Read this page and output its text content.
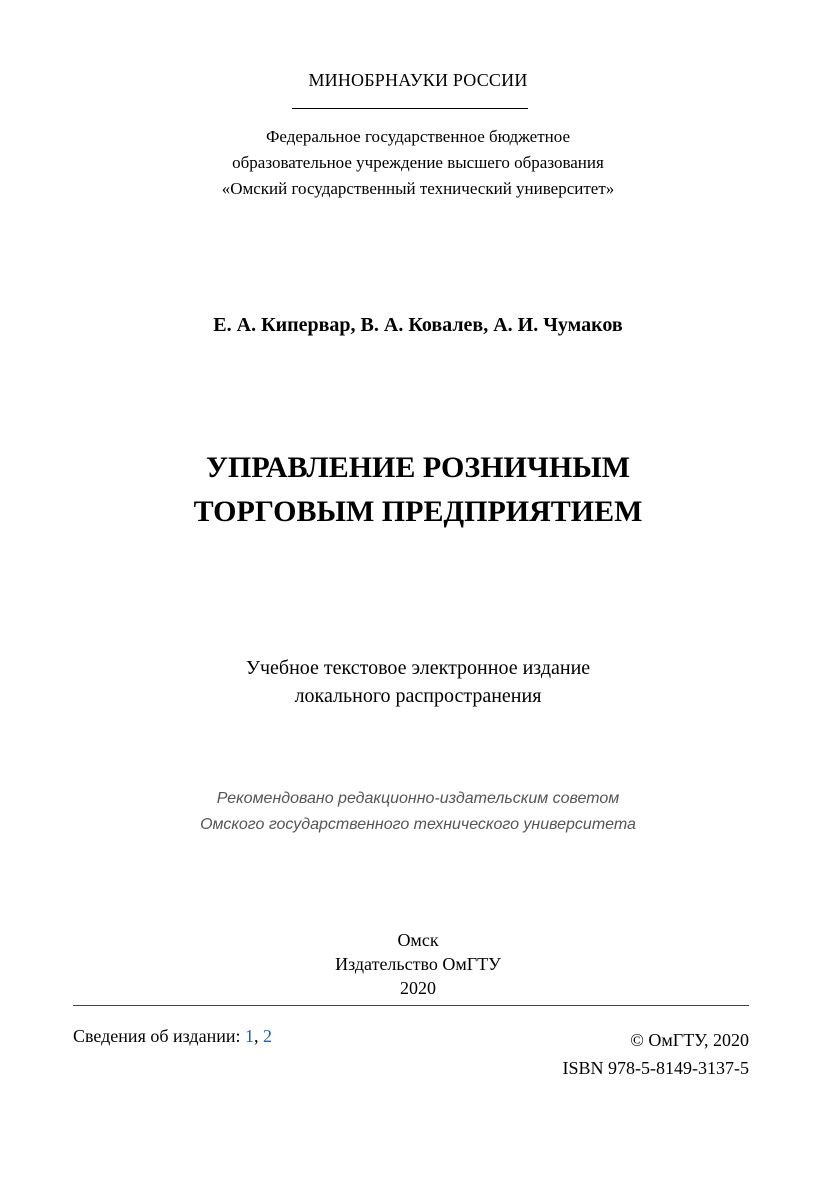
МИНОБРНАУКИ РОССИИ
Федеральное государственное бюджетное
образовательное учреждение высшего образования
«Омский государственный технический университет»
Е. А. Кипервар, В. А. Ковалев, А. И. Чумаков
УПРАВЛЕНИЕ РОЗНИЧНЫМ
ТОРГОВЫМ ПРЕДПРИЯТИЕМ
Учебное текстовое электронное издание
локального распространения
Рекомендовано редакционно-издательским советом
Омского государственного технического университета
Омск
Издательство ОмГТУ
2020
Сведения об издании: 1, 2	© ОмГТУ, 2020
ISBN 978-5-8149-3137-5
